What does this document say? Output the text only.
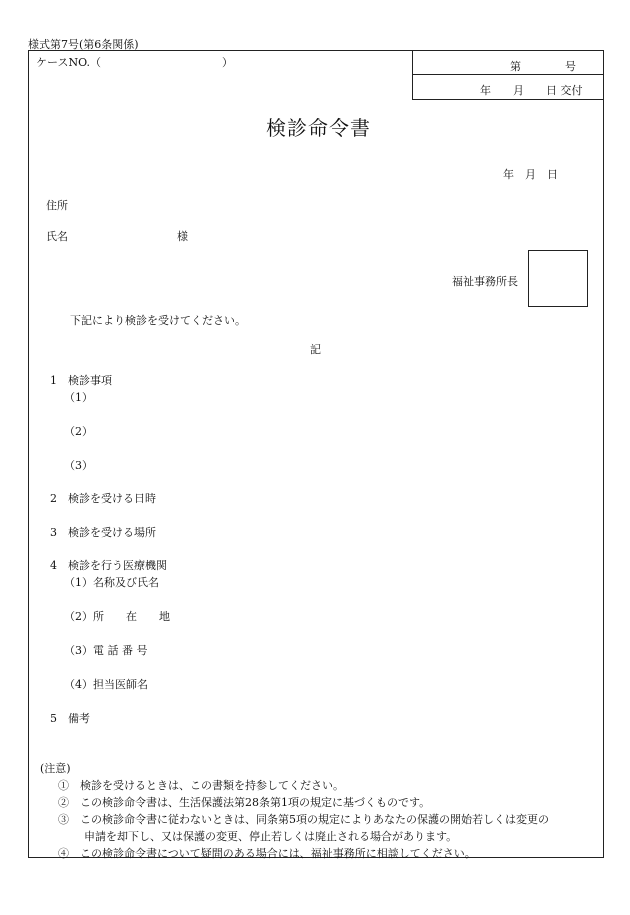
様式第7号(第6条関係)
ケースNO.（　　　　　　　　　　　）	第　　　　号
年　　月　　日 交付
検診命令書
年　月　日
住所
氏名	様
福祉事務所長
下記により検診を受けてください。
記
1　検診事項
（1）
（2）
（3）
2　検診を受ける日時
3　検診を受ける場所
4　検診を行う医療機関
（1）名称及び氏名
（2）所　　在　　地
（3）電 話 番 号
（4）担当医師名
5　備考
(注意)
①　検診を受けるときは、この書類を持参してください。
②　この検診命令書は、生活保護法第28条第1項の規定に基づくものです。
③　この検診命令書に従わないときは、同条第5項の規定によりあなたの保護の開始若しくは変更の
申請を却下し、又は保護の変更、停止若しくは廃止される場合があります。
④　この検診命令書について疑問のある場合には、福祉事務所に相談してください。
